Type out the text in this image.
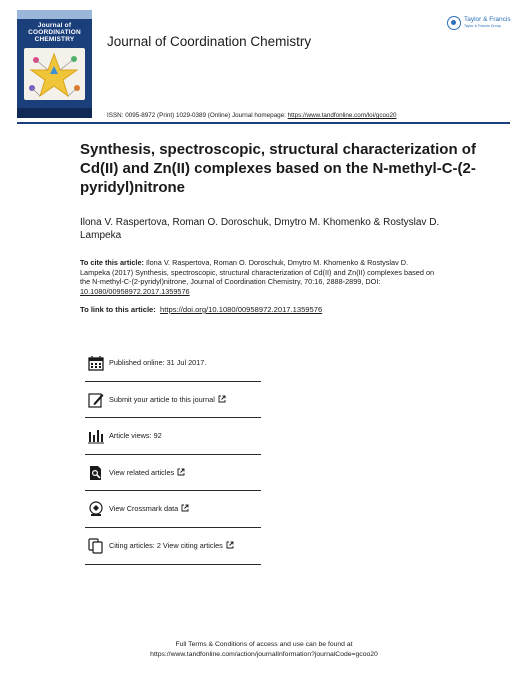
Journal of
COORDINATION
CHEMISTRY	Journal of Coordination Chemistry
Taylor & Francis
Taylor & Francis Group
ISSN: 0095-8972 (Print) 1029-0389 (Online) Journal homepage: https://www.tandfonline.com/loi/gcoo20
Synthesis, spectroscopic, structural characterization of Cd(II) and Zn(II) complexes based on the N-methyl-C-(2-pyridyl)nitrone
Ilona V. Raspertova, Roman O. Doroschuk, Dmytro M. Khomenko & Rostyslav D. Lampeka
To cite this article: Ilona V. Raspertova, Roman O. Doroschuk, Dmytro M. Khomenko & Rostyslav D. Lampeka (2017) Synthesis, spectroscopic, structural characterization of Cd(II) and Zn(II) complexes based on the N-methyl-C-(2-pyridyl)nitrone, Journal of Coordination Chemistry, 70:16, 2888-2899, DOI: 10.1080/00958972.2017.1359576
To link to this article: https://doi.org/10.1080/00958972.2017.1359576
Published online: 31 Jul 2017.
Submit your article to this journal
Article views: 92
View related articles
View Crossmark data
Citing articles: 2 View citing articles
Full Terms & Conditions of access and use can be found at
https://www.tandfonline.com/action/journalInformation?journalCode=gcoo20
